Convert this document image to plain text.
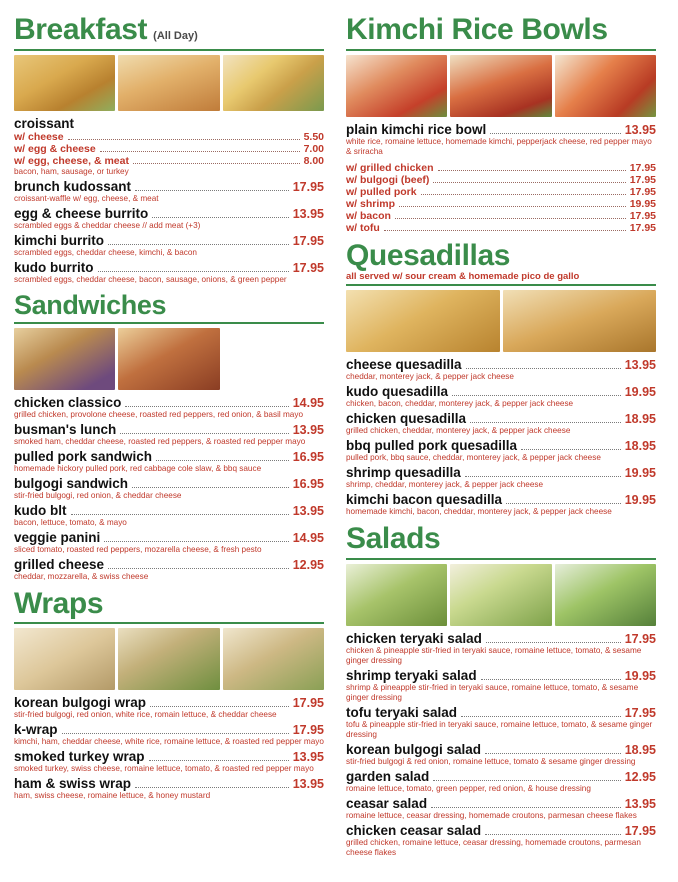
Breakfast (All Day)
croissant
w/ cheese	5.50
w/ egg & cheese	7.00
w/ egg, cheese, & meat	8.00
bacon, ham, sausage, or turkey
brunch kudossant	17.95
croissant-waffle w/ egg, cheese, & meat
egg & cheese burrito	13.95
scrambled eggs & cheddar cheese // add meat (+3)
kimchi burrito	17.95
scrambled eggs, cheddar cheese, kimchi, & bacon
kudo burrito	17.95
scrambled eggs, cheddar cheese, bacon, sausage, onions, & green pepper
Sandwiches
chicken classico	14.95
grilled chicken, provolone cheese, roasted red peppers, red onion, & basil mayo
busman's lunch	13.95
smoked ham, cheddar cheese, roasted red peppers, & roasted red pepper mayo
pulled pork sandwich	16.95
homemade hickory pulled pork, red cabbage cole slaw, & bbq sauce
bulgogi sandwich	16.95
stir-fried bulgogi, red onion, & cheddar cheese
kudo blt	13.95
bacon, lettuce, tomato, & mayo
veggie panini	14.95
sliced tomato, roasted red peppers, mozarella cheese, & fresh pesto
grilled cheese	12.95
cheddar, mozzarella, & swiss cheese
Wraps
korean bulgogi wrap	17.95
stir-fried bulgogi, red onion, white rice, romain lettuce, & cheddar cheese
k-wrap	17.95
kimchi, ham, cheddar cheese, white rice, romaine lettuce, & roasted red pepper mayo
smoked turkey wrap	13.95
smoked turkey, swiss cheese, romaine lettuce, tomato, & roasted red pepper mayo
ham & swiss wrap	13.95
ham, swiss cheese, romaine lettuce, & honey mustard
Kimchi Rice Bowls
plain kimchi rice bowl	13.95
white rice, romaine lettuce, homemade kimchi, pepperjack cheese, red pepper mayo & sriracha
w/ grilled chicken	17.95
w/ bulgogi (beef)	17.95
w/ pulled pork	17.95
w/ shrimp	19.95
w/ bacon	17.95
w/ tofu	17.95
Quesadillas
all served w/ sour cream & homemade pico de gallo
cheese quesadilla	13.95
cheddar, monterey jack, & pepper jack cheese
kudo quesadilla	19.95
chicken, bacon, cheddar, monterey jack, & pepper jack cheese
chicken quesadilla	18.95
grilled chicken, cheddar, monterey jack, & pepper jack cheese
bbq pulled pork quesadilla	18.95
pulled pork, bbq sauce, cheddar, monterey jack, & pepper jack cheese
shrimp quesadilla	19.95
shrimp, cheddar, monterey jack, & pepper jack cheese
kimchi bacon quesadilla	19.95
homemade kimchi, bacon, cheddar, monterey jack, & pepper jack cheese
Salads
chicken teryaki salad	17.95
chicken & pineapple stir-fried in teryaki sauce, romaine lettuce, tomato, & sesame ginger dressing
shrimp teryaki salad	19.95
shrimp & pineapple stir-fried in teryaki sauce, romaine lettuce, tomato, & sesame ginger dressing
tofu teryaki salad	17.95
tofu & pineapple stir-fried in teryaki sauce, romaine lettuce, tomato, & sesame ginger dressing
korean bulgogi salad	18.95
stir-fried bulgogi & red onion, romaine lettuce, tomato & sesame ginger dressing
garden salad	12.95
romaine lettuce, tomato, green pepper, red onion, & house dressing
ceasar salad	13.95
romaine lettuce, ceasar dressing, homemade croutons, parmesan cheese flakes
chicken ceasar salad	17.95
grilled chicken, romaine lettuce, ceasar dressing, homemade croutons, parmesan cheese flakes
